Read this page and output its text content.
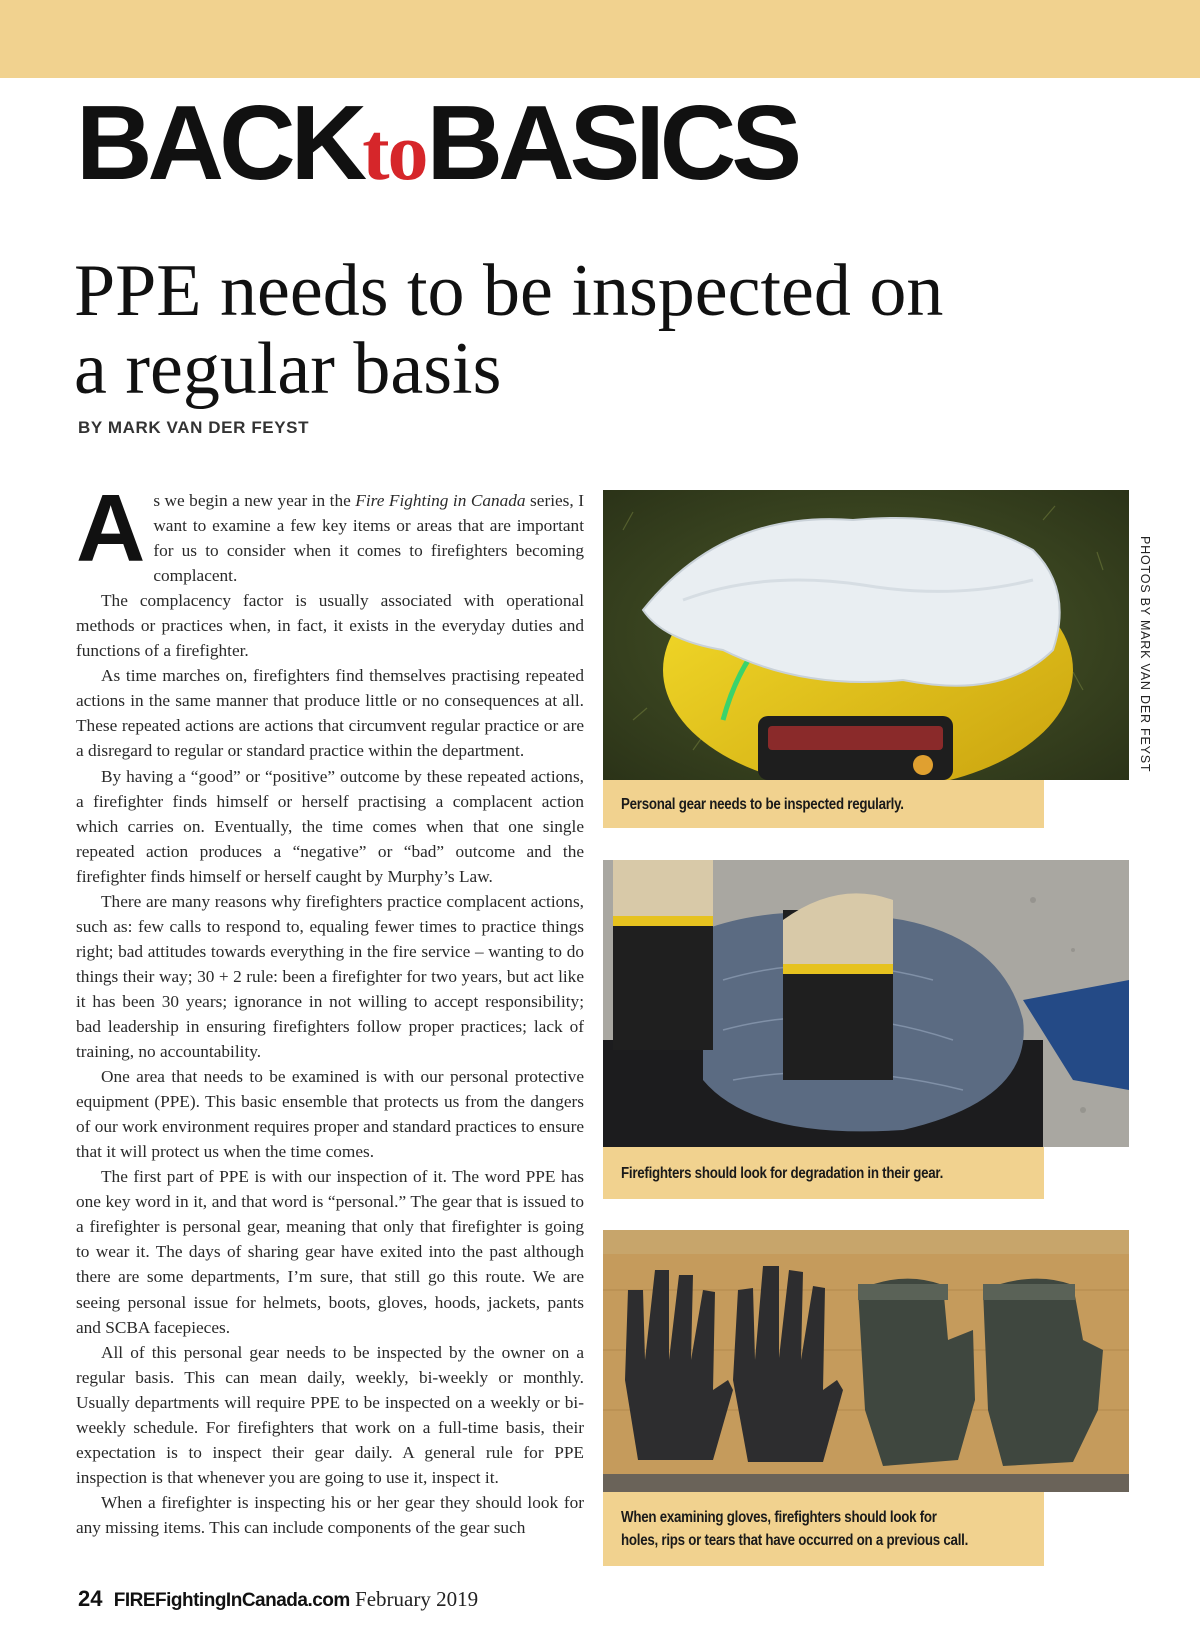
BACKtoBASICS
PPE needs to be inspected on a regular basis
BY MARK VAN DER FEYST

As we begin a new year in the Fire Fighting in Canada series, I want to examine a few key items or areas that are important for us to consider when it comes to firefighters becoming complacent.

The complacency factor is usually associated with operational methods or practices when, in fact, it exists in the everyday duties and functions of a firefighter.

As time marches on, firefighters find themselves practising repeated actions in the same manner that produce little or no consequences at all. These repeated actions are actions that circumvent regular practice or are a disregard to regular or standard practice within the department.

By having a “good” or “positive” outcome by these repeated actions, a firefighter finds himself or herself practising a complacent action which carries on. Eventually, the time comes when that one single repeated action produces a “negative” or “bad” outcome and the firefighter finds himself or herself caught by Murphy’s Law.

There are many reasons why firefighters practice complacent actions, such as: few calls to respond to, equaling fewer times to practice things right; bad attitudes towards everything in the fire service – wanting to do things their way; 30 + 2 rule: been a firefighter for two years, but act like it has been 30 years; ignorance in not willing to accept responsibility; bad leadership in ensuring firefighters follow proper practices; lack of training, no accountability.

One area that needs to be examined is with our personal protective equipment (PPE). This basic ensemble that protects us from the dangers of our work environment requires proper and standard practices to ensure that it will protect us when the time comes.

The first part of PPE is with our inspection of it. The word PPE has one key word in it, and that word is “personal.” The gear that is issued to a firefighter is personal gear, meaning that only that firefighter is going to wear it. The days of sharing gear have exited into the past although there are some departments, I’m sure, that still go this route. We are seeing personal issue for helmets, boots, gloves, hoods, jackets, pants and SCBA facepieces.

All of this personal gear needs to be inspected by the owner on a regular basis. This can mean daily, weekly, bi-weekly or monthly. Usually departments will require PPE to be inspected on a weekly or bi-weekly schedule. For firefighters that work on a full-time basis, their expectation is to inspect their gear daily. A general rule for PPE inspection is that whenever you are going to use it, inspect it.

When a firefighter is inspecting his or her gear they should look for any missing items. This can include components of the gear such

Personal gear needs to be inspected regularly.
PHOTOS BY MARK VAN DER FEYST
Firefighters should look for degradation in their gear.
When examining gloves, firefighters should look for holes, rips or tears that have occurred on a previous call.
24 FIREFightingInCanada.com February 2019
